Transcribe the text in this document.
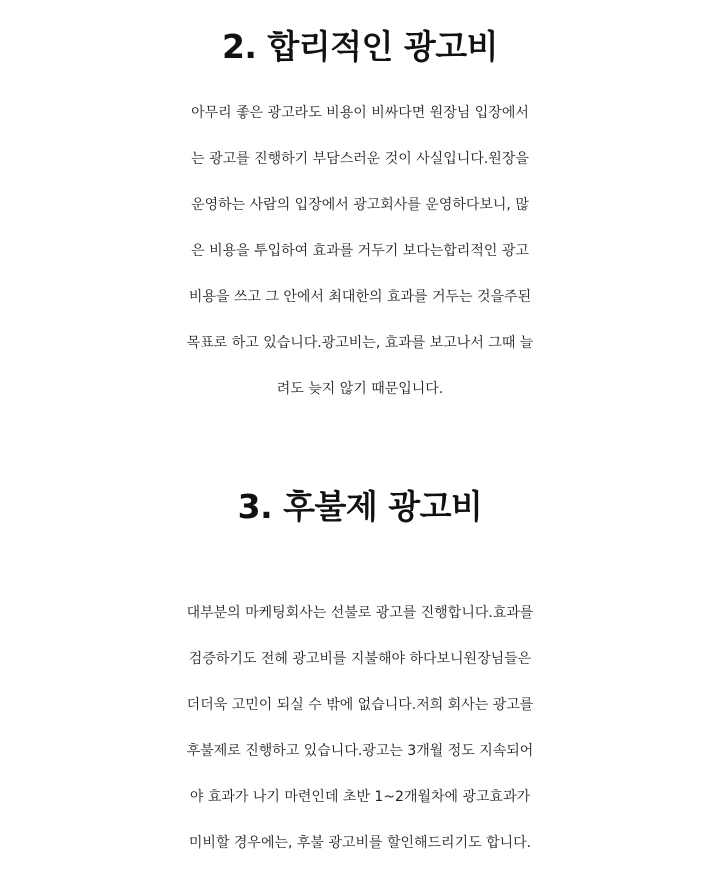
2. 합리적인 광고비

아무리 좋은 광고라도 비용이 비싸다면 원장님 입장에서
는 광고를 진행하기 부담스러운 것이 사실입니다.원장을
운영하는 사람의 입장에서 광고회사를 운영하다보니, 많
은 비용을 투입하여 효과를 거두기 보다는합리적인 광고
비용을 쓰고 그 안에서 최대한의 효과를 거두는 것을주된
목표로 하고 있습니다.광고비는, 효과를 보고나서 그때 늘
려도 늦지 않기 때문입니다.

3. 후불제 광고비

대부분의 마케팅회사는 선불로 광고를 진행합니다.효과를
검증하기도 전헤 광고비를 지불해야 하다보니원장님들은
더더욱 고민이 되실 수 밖에 없습니다.저희 회사는 광고를
후불제로 진행하고 있습니다.광고는 3개월 정도 지속되어
야 효과가 나기 마련인데 초반 1~2개월차에 광고효과가
미비할 경우에는, 후불 광고비를 할인해드리기도 합니다.
